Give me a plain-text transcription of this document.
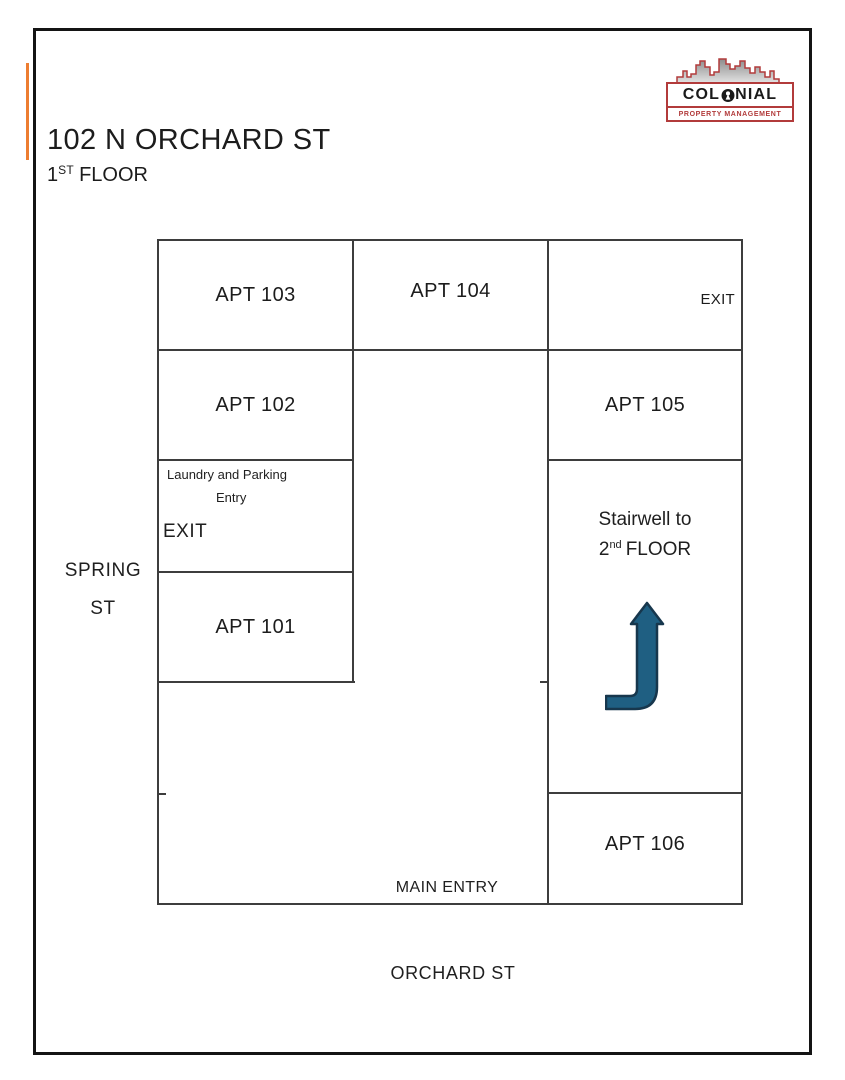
COL NIAL
PROPERTY MANAGEMENT
102 N ORCHARD ST
1ST FLOOR
APT 103	APT 104	EXIT
APT 102	APT 105
Laundry and Parking
Entry
EXIT
APT 101
Stairwell to
2nd FLOOR
APT 106
MAIN ENTRY
SPRING
ST
ORCHARD ST
